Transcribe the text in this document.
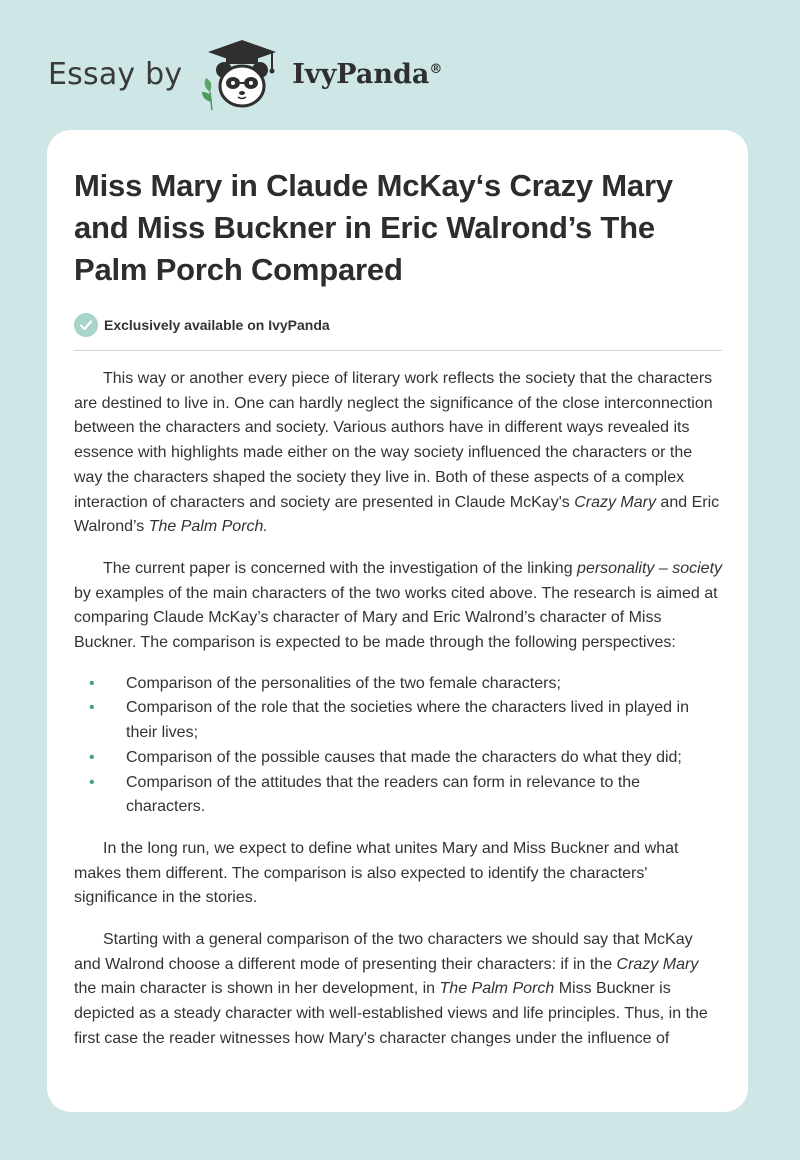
Essay by	IvyPanda®
Miss Mary in Claude McKay‘s Crazy Mary and Miss Buckner in Eric Walrond’s The Palm Porch Compared
Exclusively available on IvyPanda

This way or another every piece of literary work reflects the society that the characters are destined to live in. One can hardly neglect the significance of the close interconnection between the characters and society. Various authors have in different ways revealed its essence with highlights made either on the way society influenced the characters or the way the characters shaped the society they live in. Both of these aspects of a complex interaction of characters and society are presented in Claude McKay's Crazy Mary and Eric Walrond’s The Palm Porch.

The current paper is concerned with the investigation of the linking personality – society by examples of the main characters of the two works cited above. The research is aimed at comparing Claude McKay’s character of Mary and Eric Walrond’s character of Miss Buckner. The comparison is expected to be made through the following perspectives:

• Comparison of the personalities of the two female characters;
• Comparison of the role that the societies where the characters lived in played in their lives;
• Comparison of the possible causes that made the characters do what they did;
• Comparison of the attitudes that the readers can form in relevance to the characters.

In the long run, we expect to define what unites Mary and Miss Buckner and what makes them different. The comparison is also expected to identify the characters' significance in the stories.

Starting with a general comparison of the two characters we should say that McKay and Walrond choose a different mode of presenting their characters: if in the Crazy Mary the main character is shown in her development, in The Palm Porch Miss Buckner is depicted as a steady character with well-established views and life principles. Thus, in the first case the reader witnesses how Mary's character changes under the influence of
